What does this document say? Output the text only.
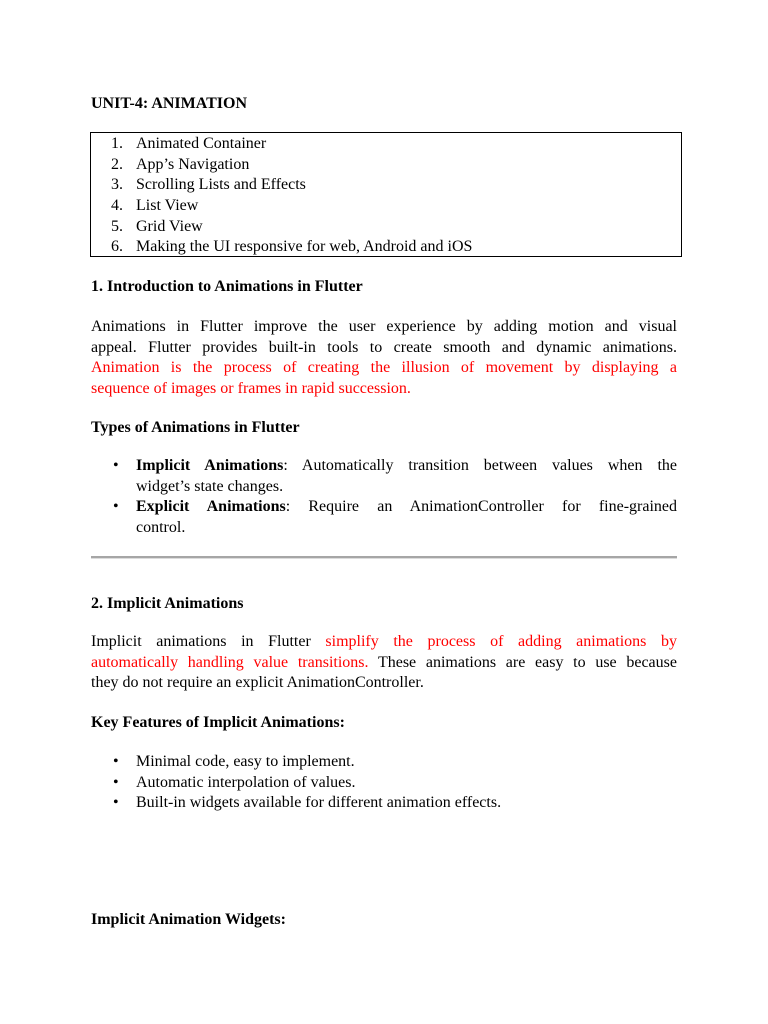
UNIT-4: ANIMATION
1. Animated Container
2. App’s Navigation
3. Scrolling Lists and Effects
4. List View
5. Grid View
6. Making the UI responsive for web, Android and iOS
1. Introduction to Animations in Flutter
Animations in Flutter improve the user experience by adding motion and visual
appeal. Flutter provides built-in tools to create smooth and dynamic animations.
Animation is the process of creating the illusion of movement by displaying a
sequence of images or frames in rapid succession.
Types of Animations in Flutter
• Implicit Animations: Automatically transition between values when the
widget’s state changes.
• Explicit Animations: Require an AnimationController for fine-grained
control.
2. Implicit Animations
Implicit animations in Flutter simplify the process of adding animations by
automatically handling value transitions. These animations are easy to use because
they do not require an explicit AnimationController.
Key Features of Implicit Animations:
• Minimal code, easy to implement.
• Automatic interpolation of values.
• Built-in widgets available for different animation effects.
Implicit Animation Widgets:
